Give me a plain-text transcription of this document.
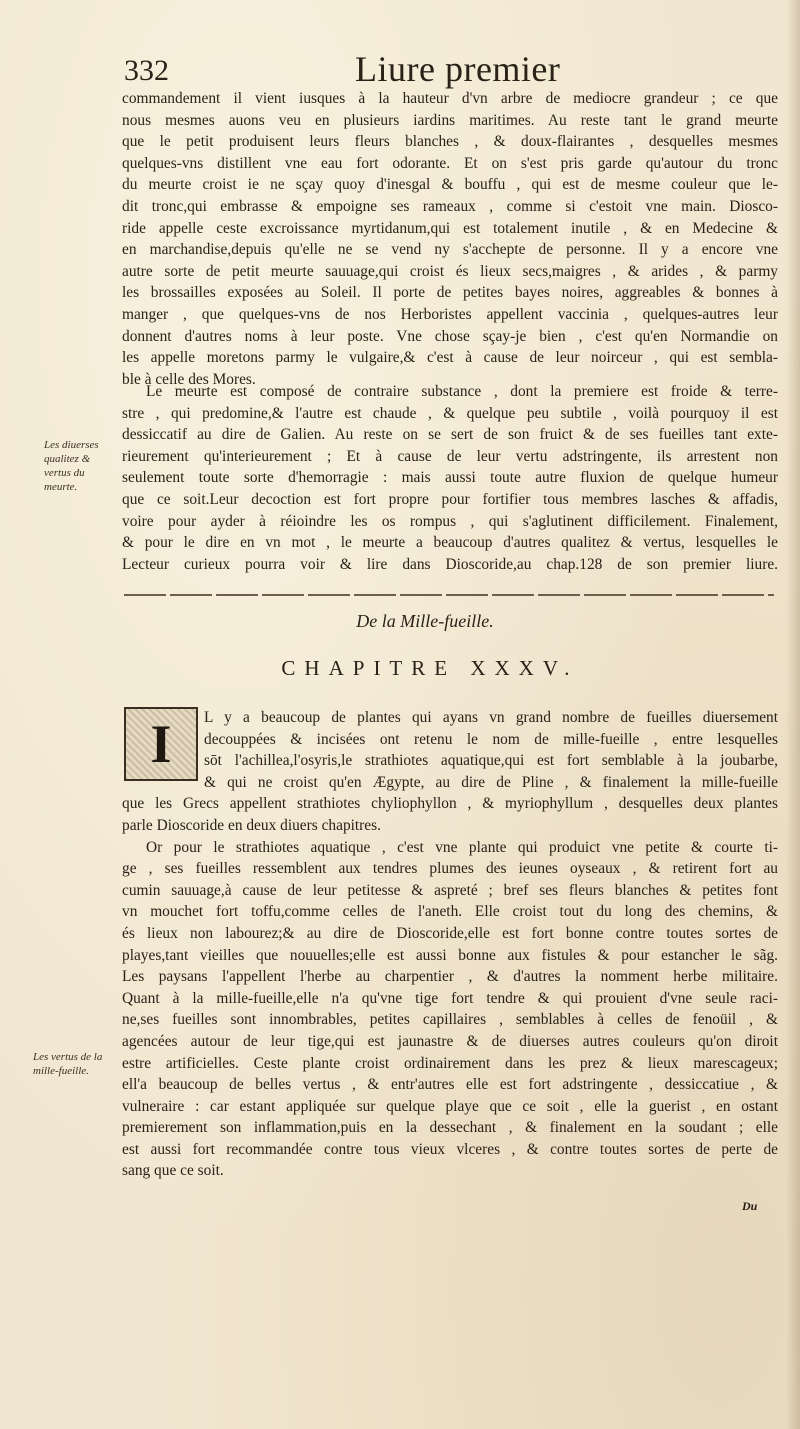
332	Liure premier
commandement il vient iusques à la hauteur d'vn arbre de mediocre grandeur ; ce que
nous mesmes auons veu en plusieurs iardins maritimes. Au reste tant le grand meurte
que le petit produisent leurs fleurs blanches , & doux-flairantes , desquelles mesmes
quelques-vns distillent vne eau fort odorante. Et on s'est pris garde qu'autour du tronc
du meurte croist ie ne sçay quoy d'inesgal & bouffu , qui est de mesme couleur que le-
dit tronc,qui embrasse & empoigne ses rameaux , comme si c'estoit vne main. Diosco-
ride appelle ceste excroissance myrtidanum,qui est totalement inutile , & en Medecine &
en marchandise,depuis qu'elle ne se vend ny s'acchepte de personne. Il y a encore vne
autre sorte de petit meurte sauuage,qui croist és lieux secs,maigres , & arides , & parmy
les brossailles exposées au Soleil. Il porte de petites bayes noires, aggreables & bonnes à
manger , que quelques-vns de nos Herboristes appellent vaccinia , quelques-autres leur
donnent d'autres noms à leur poste. Vne chose sçay-je bien , c'est qu'en Normandie on
les appelle moretons parmy le vulgaire,& c'est à cause de leur noirceur , qui est sembla-
ble à celle des Mores.
Le meurte est composé de contraire substance , dont la premiere est froide & terre-
stre , qui predomine,& l'autre est chaude , & quelque peu subtile , voilà pourquoy il est
dessiccatif au dire de Galien. Au reste on se sert de son fruict & de ses fueilles tant exte-
rieurement qu'interieurement ; Et à cause de leur vertu adstringente, ils arrestent non
seulement toute sorte d'hemorragie : mais aussi toute autre fluxion de quelque humeur
que ce soit.Leur decoction est fort propre pour fortifier tous membres lasches & affadis,
voire pour ayder à réioindre les os rompus , qui s'aglutinent difficilement. Finalement,
& pour le dire en vn mot , le meurte a beaucoup d'autres qualitez & vertus, lesquelles le
Lecteur curieux pourra voir & lire dans Dioscoride,au chap.128 de son premier liure.
Les diuerses qualitez & vertus du meurte.
De la Mille-fueille.
CHAPITRE XXXV.
I	L y a beaucoup de plantes qui ayans vn grand nombre de fueilles diuersement
decouppées & incisées ont retenu le nom de mille-fueille , entre lesquelles
sōt l'achillea,l'osyris,le strathiotes aquatique,qui est fort semblable à la joubarbe,
& qui ne croist qu'en Ægypte, au dire de Pline , & finalement la mille-fueille
que les Grecs appellent strathiotes chyliophyllon , & myriophyllum , desquelles deux plantes
parle Dioscoride en deux diuers chapitres.
Or pour le strathiotes aquatique , c'est vne plante qui produict vne petite & courte ti-
ge , ses fueilles ressemblent aux tendres plumes des ieunes oyseaux , & retirent fort au
cumin sauuage,à cause de leur petitesse & aspreté ; bref ses fleurs blanches & petites font
vn mouchet fort toffu,comme celles de l'aneth. Elle croist tout du long des chemins, &
és lieux non labourez;& au dire de Dioscoride,elle est fort bonne contre toutes sortes de
playes,tant vieilles que nouuelles;elle est aussi bonne aux fistules & pour estancher le sãg.
Les paysans l'appellent l'herbe au charpentier , & d'autres la nomment herbe militaire.
Quant à la mille-fueille,elle n'a qu'vne tige fort tendre & qui prouient d'vne seule raci-
ne,ses fueilles sont innombrables, petites capillaires , semblables à celles de fenoüil , &
agencées autour de leur tige,qui est jaunastre & de diuerses autres couleurs qu'on diroit
estre artificielles. Ceste plante croist ordinairement dans les prez & lieux marescageux;
ell'a beaucoup de belles vertus , & entr'autres elle est fort adstringente , dessiccatiue , &
vulneraire : car estant appliquée sur quelque playe que ce soit , elle la guerist , en ostant
premierement son inflammation,puis en la dessechant , & finalement en la soudant ; elle
est aussi fort recommandée contre tous vieux vlceres , & contre toutes sortes de perte de
sang que ce soit.
Les vertus de la mille-fueille.
Du
